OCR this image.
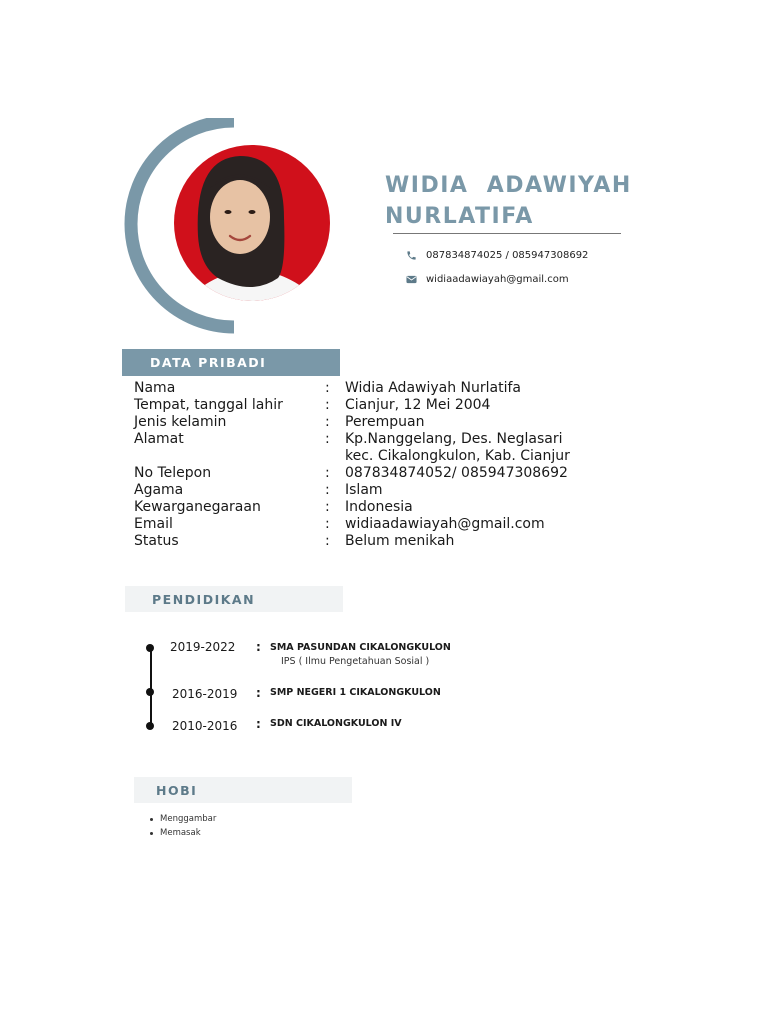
WIDIA  ADAWIYAH
NURLATIFA
087834874025 / 085947308692
widiaadawiayah@gmail.com
DATA PRIBADI
Nama	: Widia Adawiyah Nurlatifa
Tempat, tanggal lahir	: Cianjur, 12 Mei 2004
Jenis kelamin	: Perempuan
Alamat	: Kp.Nanggelang, Des. Neglasari
kec. Cikalongkulon, Kab. Cianjur
No Telepon	: 087834874052/ 085947308692
Agama	: Islam
Kewarganegaraan	: Indonesia
Email	: widiaadawiayah@gmail.com
Status	: Belum menikah
PENDIDIKAN
2019-2022 : SMA PASUNDAN CIKALONGKULON
IPS ( Ilmu Pengetahuan Sosial )
2016-2019 : SMP NEGERI 1 CIKALONGKULON
2010-2016 : SDN CIKALONGKULON IV
HOBI
Menggambar
Memasak
